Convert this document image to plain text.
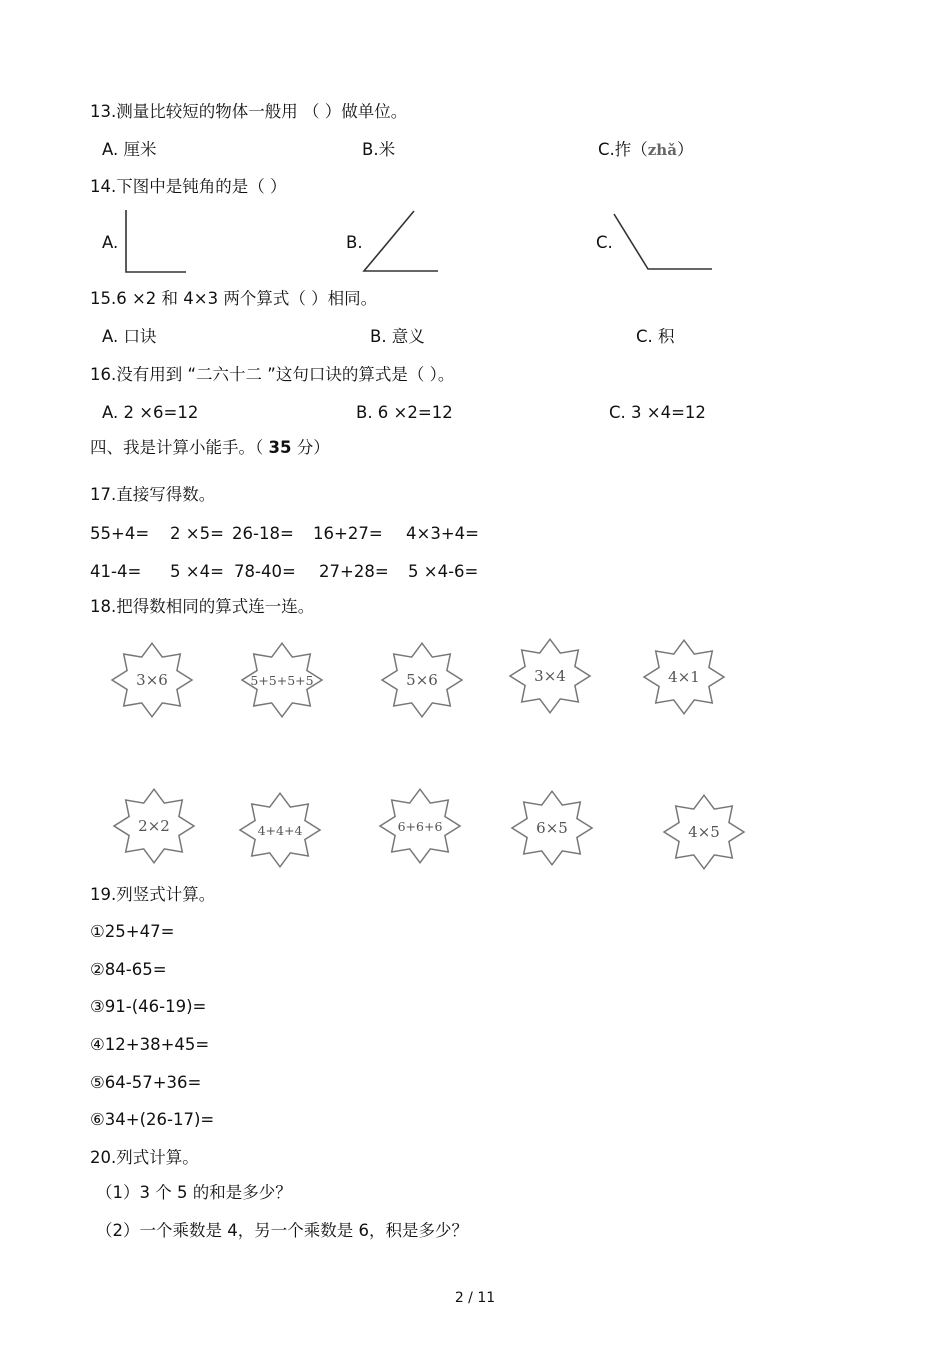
13.测量比较短的物体一般用 （ ）做单位。
A. 厘米	B.米	C.拃（zhǎ）
14.下图中是钝角的是（ ）
A.	B.	C.
15.6 ×2 和 4×3 两个算式（ ）相同。
A. 口诀	B. 意义	C. 积
16.没有用到 “二六十二 ”这句口诀的算式是（ ）。
A. 2 ×6=12	B. 6 ×2=12	C. 3 ×4=12
四、我是计算小能手。（ 35 分）
17.直接写得数。
55+4= 2 ×5= 26-18= 16+27= 4×3+4=
41-4= 5 ×4= 78-40= 27+28= 5 ×4-6=
18.把得数相同的算式连一连。
3×6	5+5+5+5	5×6	3×4	4×1
2×2	4+4+4	6+6+6	6×5	4×5
19.列竖式计算。
①25+47=
②84-65=
③91-(46-19)=
④12+38+45=
⑤64-57+36=
⑥34+(26-17)=
20.列式计算。
（1）3 个 5 的和是多少？
（2）一个乘数是 4，另一个乘数是 6，积是多少？
2 / 11
